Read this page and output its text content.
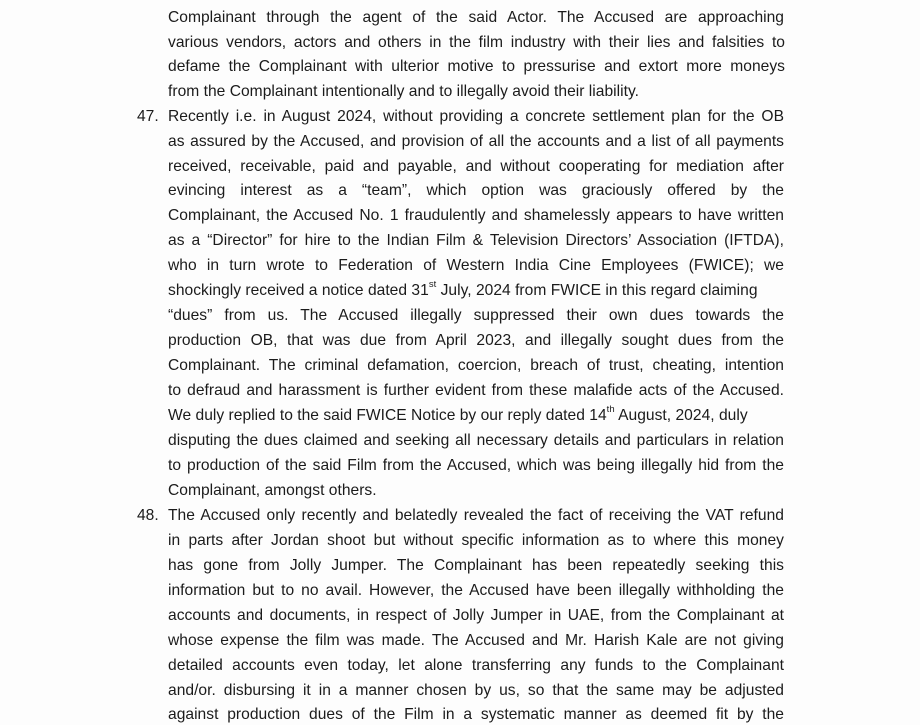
Complainant through the agent of the said Actor. The Accused are approaching
various vendors, actors and others in the film industry with their lies and falsities to
defame the Complainant with ulterior motive to pressurise and extort more moneys
from the Complainant intentionally and to illegally avoid their liability.
47. Recently i.e. in August 2024, without providing a concrete settlement plan for the OB
as assured by the Accused, and provision of all the accounts and a list of all payments
received, receivable, paid and payable, and without cooperating for mediation after
evincing interest as a “team”, which option was graciously offered by the
Complainant, the Accused No. 1 fraudulently and shamelessly appears to have written
as a “Director” for hire to the Indian Film & Television Directors’ Association (IFTDA),
who in turn wrote to Federation of Western India Cine Employees (FWICE); we
shockingly received a notice dated 31st July, 2024 from FWICE in this regard claiming
“dues” from us. The Accused illegally suppressed their own dues towards the
production OB, that was due from April 2023, and illegally sought dues from the
Complainant. The criminal defamation, coercion, breach of trust, cheating, intention
to defraud and harassment is further evident from these malafide acts of the Accused.
We duly replied to the said FWICE Notice by our reply dated 14th August, 2024, duly
disputing the dues claimed and seeking all necessary details and particulars in relation
to production of the said Film from the Accused, which was being illegally hid from the
Complainant, amongst others.
48. The Accused only recently and belatedly revealed the fact of receiving the VAT refund
in parts after Jordan shoot but without specific information as to where this money
has gone from Jolly Jumper. The Complainant has been repeatedly seeking this
information but to no avail. However, the Accused have been illegally withholding the
accounts and documents, in respect of Jolly Jumper in UAE, from the Complainant at
whose expense the film was made. The Accused and Mr. Harish Kale are not giving
detailed accounts even today, let alone transferring any funds to the Complainant
and/or. disbursing it in a manner chosen by us, so that the same may be adjusted
against production dues of the Film in a systematic manner as deemed fit by the
